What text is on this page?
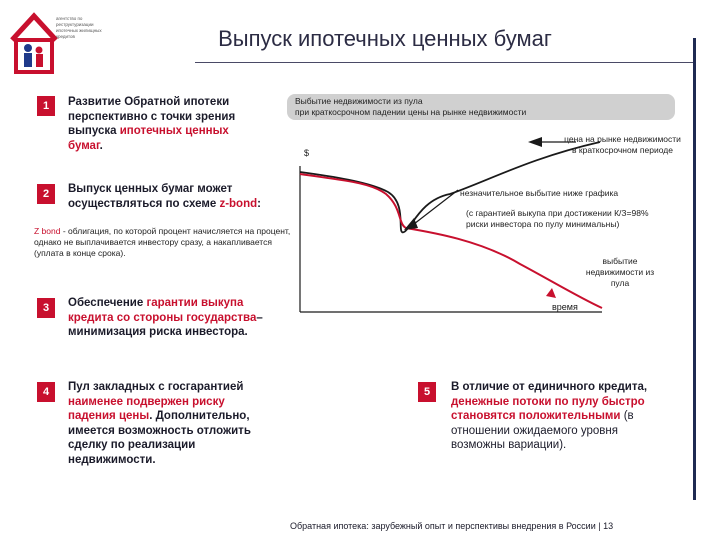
агентство по реструктуризации ипотечных жилищных кредитов	Выпуск ипотечных ценных бумаг
1	Развитие Обратной ипотеки
перспективно с точки зрения
выпуска ипотечных ценных
бумаг.
2	Выпуск ценных бумаг может
осуществляться по схеме z-bond:
Z bond - облигация, по которой процент начисляется на процент, однако не выплачивается инвестору сразу, а накапливается (уплата в конце срока).
3	Обеспечение гарантии выкупа
кредита со стороны государства–
минимизация риска инвестора.
4	Пул закладных с госгарантией
наименее подвержен риску
падения цены. Дополнительно,
имеется возможность отложить
сделку по реализации
недвижимости.
5	В отличие от единичного кредита,
денежные потоки по пулу быстро
становятся положительными (в
отношении ожидаемого уровня
возможны вариации).
Выбытие недвижимости из пула
при краткосрочном падении цены на рынке недвижимости
$
время
цена на рынке недвижимости
в краткосрочном периоде
незначительное выбытие ниже графика
(с гарантией выкупа при достижении К/З=98%
риски инвестора по пулу минимальны)
выбытие
недвижимости из
пула
Обратная ипотека: зарубежный опыт и перспективы внедрения в России | 13
